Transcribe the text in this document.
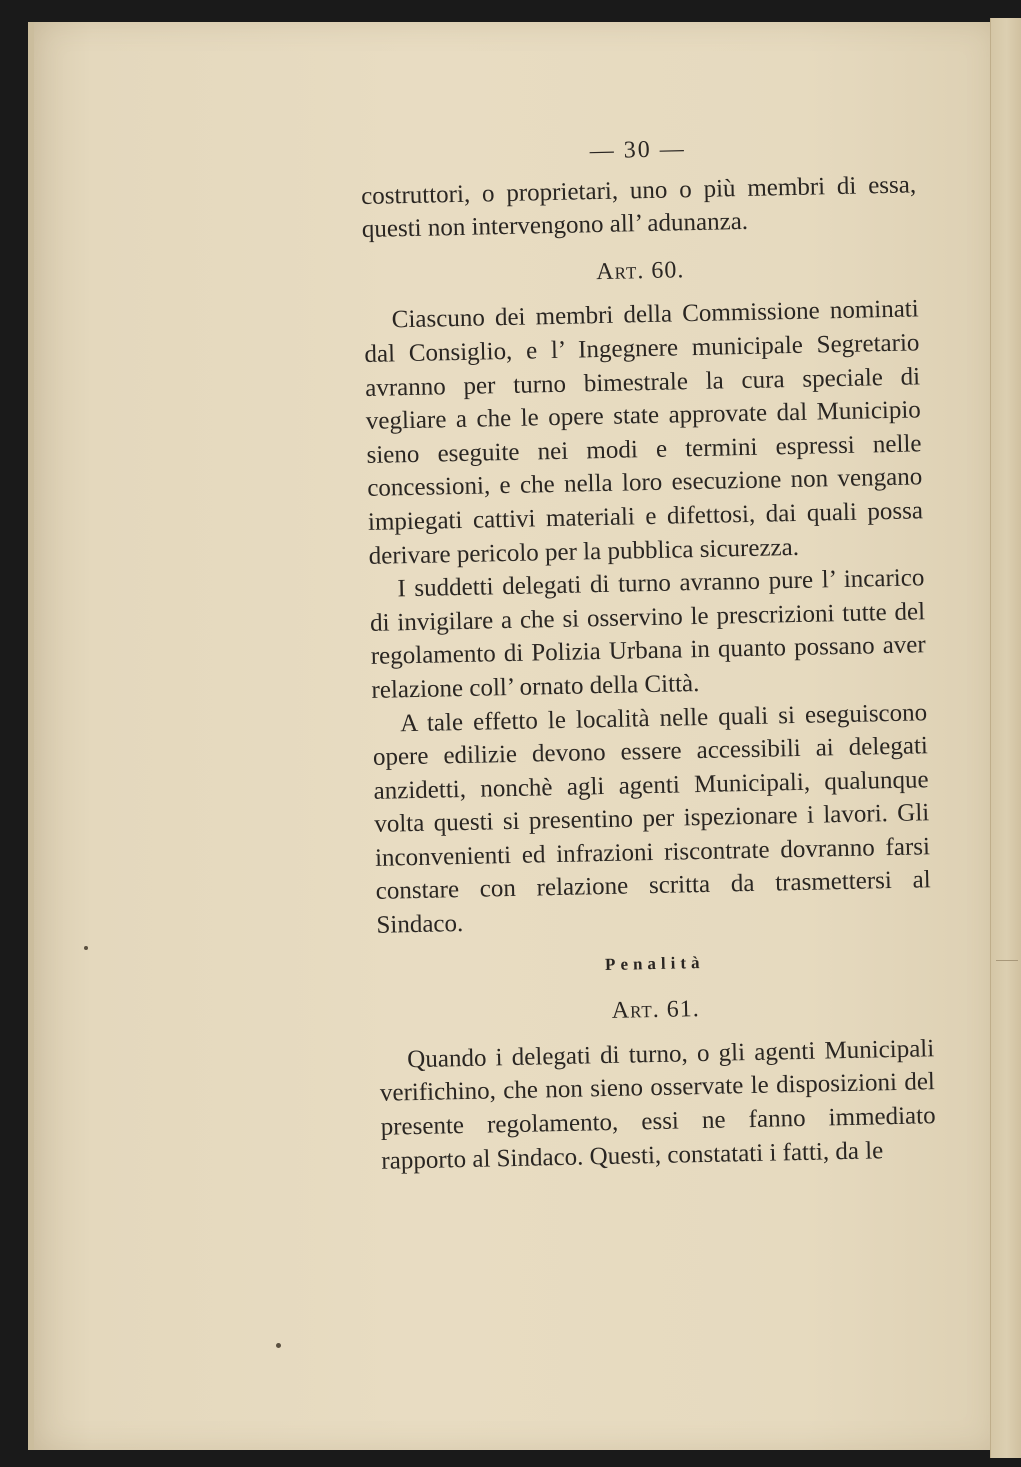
— 30 —

costruttori, o proprietari, uno o più membri di essa, questi non intervengono all’ adunanza.

Art. 60.

Ciascuno dei membri della Commissione nominati dal Consiglio, e l’ Ingegnere municipale Segretario avranno per turno bimestrale la cura speciale di vegliare a che le opere state approvate dal Municipio sieno eseguite nei modi e termini espressi nelle concessioni, e che nella loro esecuzione non vengano impiegati cattivi materiali e difettosi, dai quali possa derivare pericolo per la pubblica sicurezza.

I suddetti delegati di turno avranno pure l’ incarico di invigilare a che si osservino le prescrizioni tutte del regolamento di Polizia Urbana in quanto possano aver relazione coll’ ornato della Città.

A tale effetto le località nelle quali si eseguiscono opere edilizie devono essere accessibili ai delegati anzidetti, nonchè agli agenti Municipali, qualunque volta questi si presentino per ispezionare i lavori. Gli inconvenienti ed infrazioni riscontrate dovranno farsi constare con relazione scritta da trasmettersi al Sindaco.

Penalità
Art. 61.

Quando i delegati di turno, o gli agenti Municipali verifichino, che non sieno osservate le disposizioni del presente regolamento, essi ne fanno immediato rapporto al Sindaco. Questi, constatati i fatti, da le
